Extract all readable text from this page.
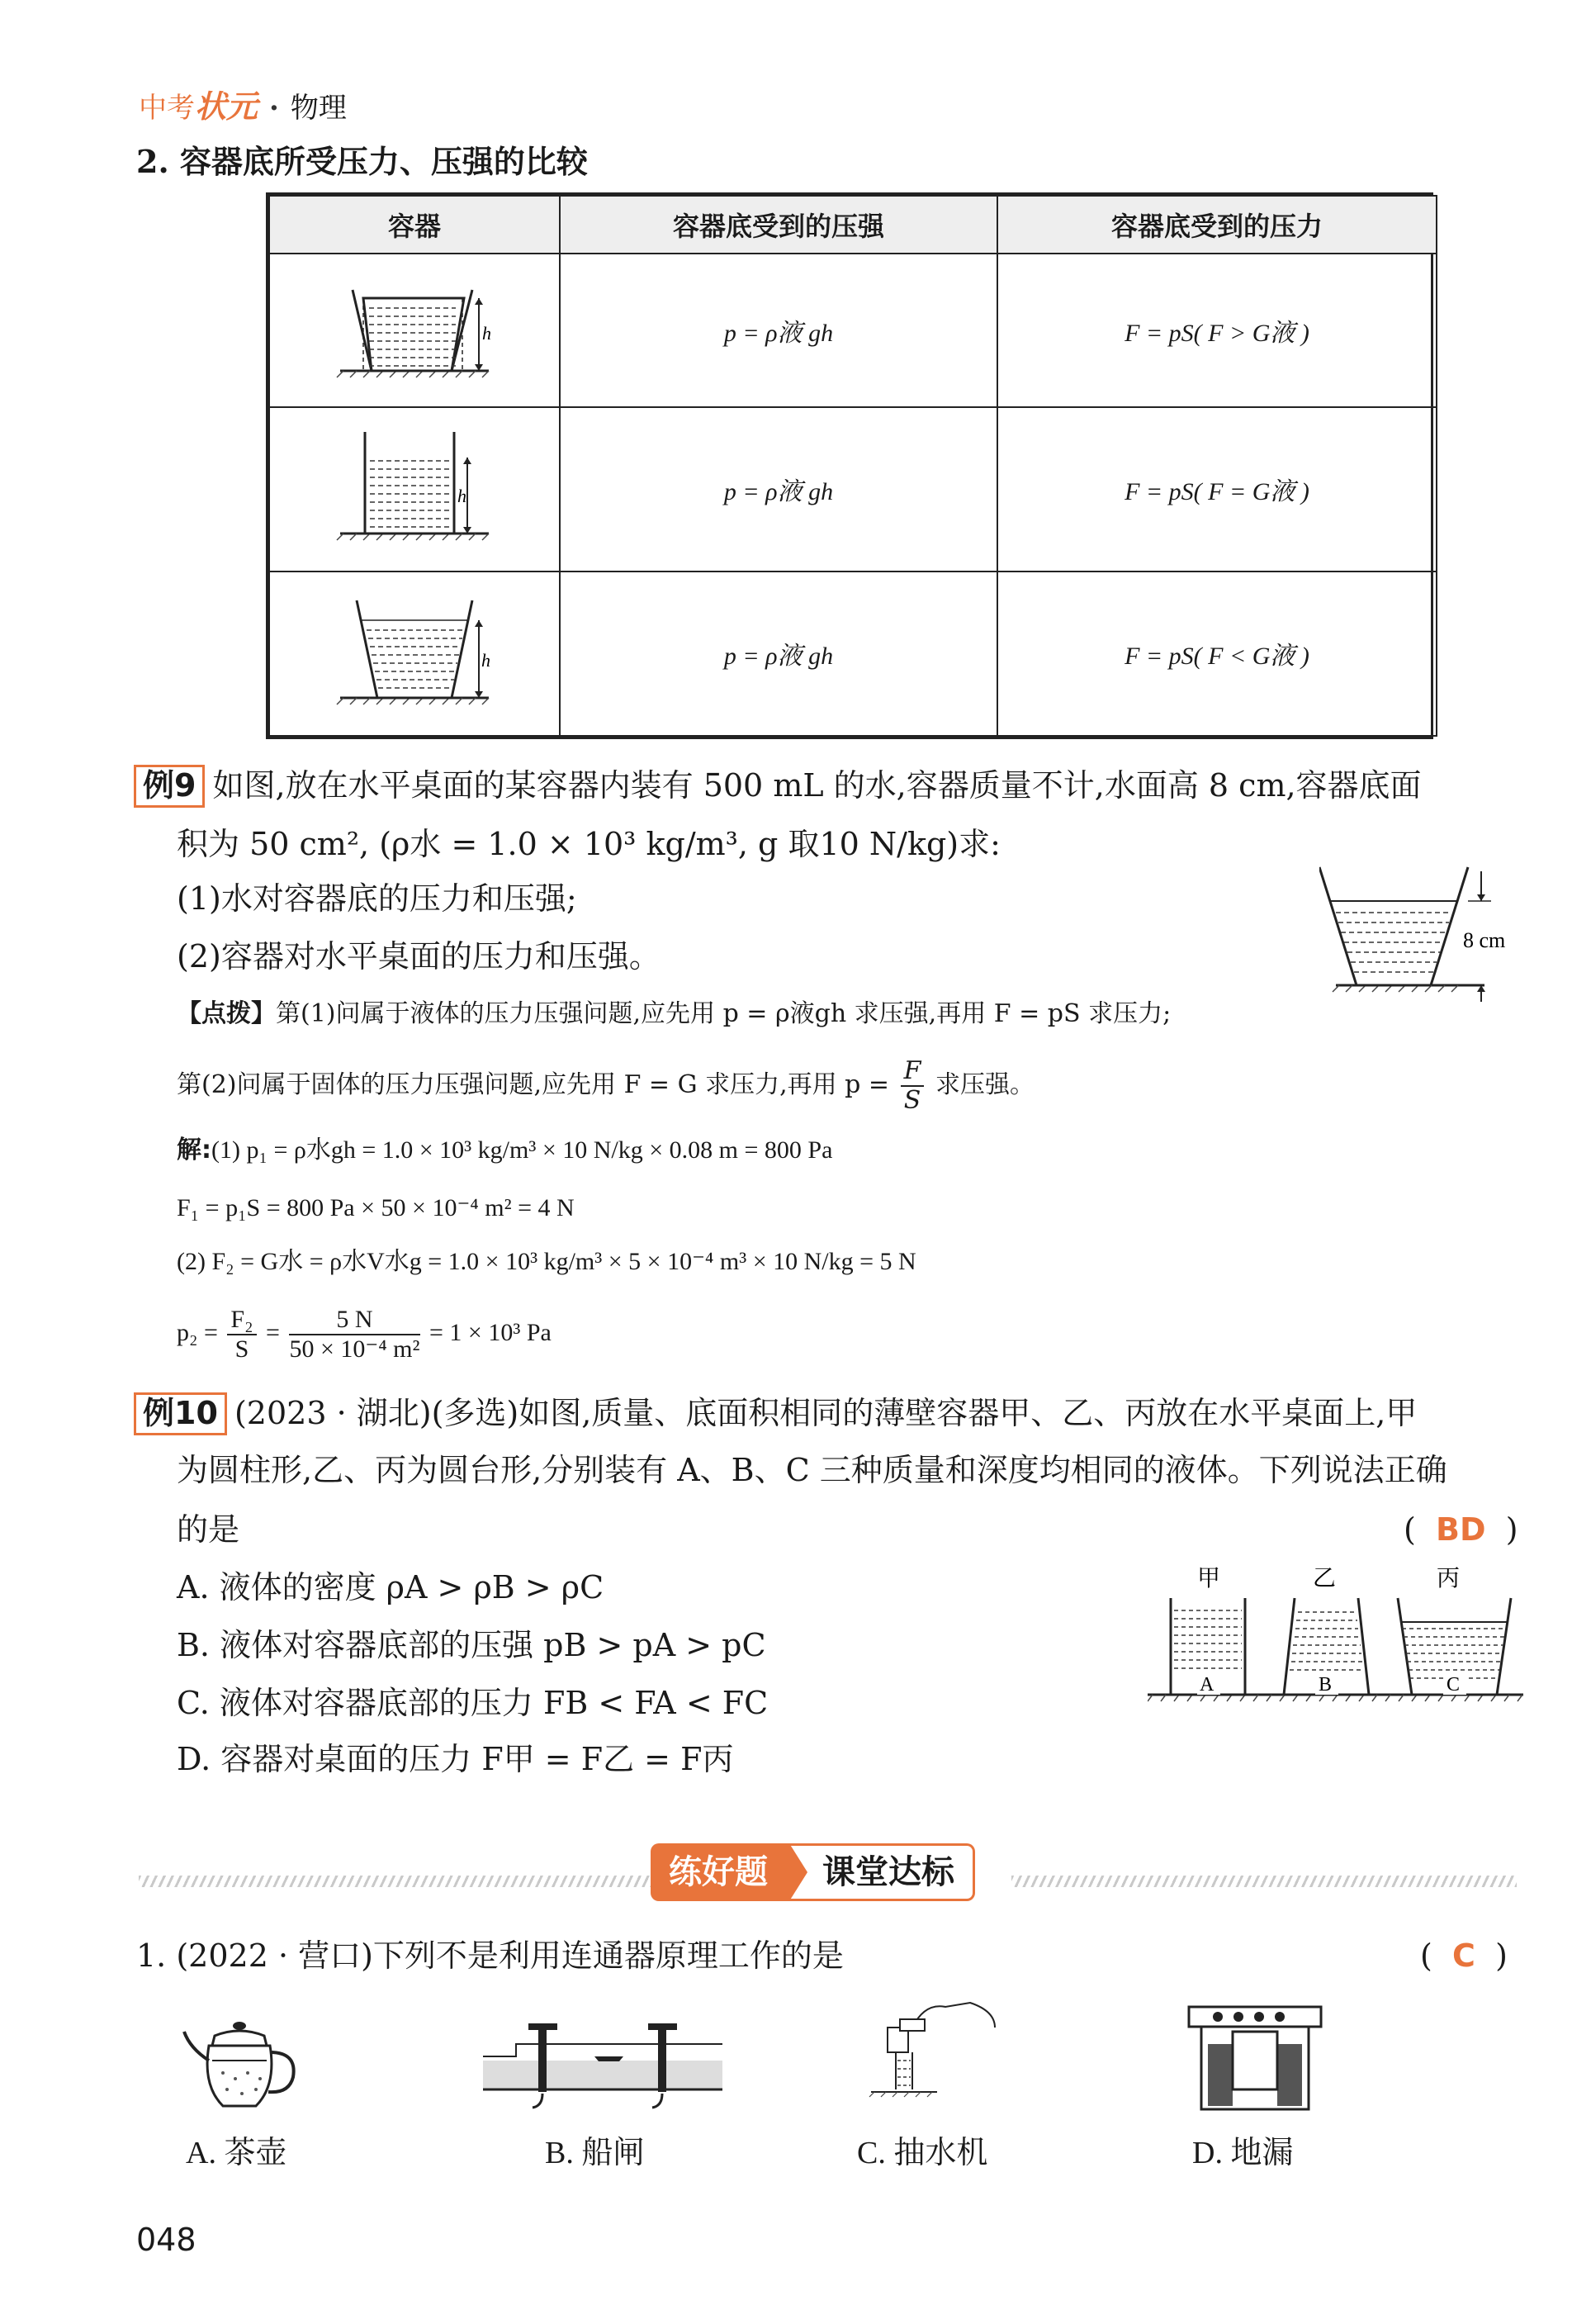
中考状元 · 物理
2. 容器底所受压力、压强的比较
容器	容器底受到的压强	容器底受到的压力

h	p = ρ液 gh	F = pS( F > G液 )

h	p = ρ液 gh	F = pS( F = G液 )

h	p = ρ液 gh	F = pS( F < G液 )
例9 如图,放在水平桌面的某容器内装有 500 mL 的水,容器质量不计,水面高 8 cm,容器底面
积为 50 cm², (ρ水 = 1.0 × 10³ kg/m³, g 取10 N/kg)求:
(1)水对容器底的压力和压强;
(2)容器对水平桌面的压力和压强。	8 cm
【点拨】第(1)问属于液体的压力压强问题,应先用 p = ρ液gh 求压强,再用 F = pS 求压力;
第(2)问属于固体的压力压强问题,应先用 F = G 求压力,再用 $p = \frac{F}{S}$ 求压强。
解:(1) p₁ = ρ水gh = 1.0 × 10³ kg/m³ × 10 N/kg × 0.08 m = 800 Pa
F₁ = p₁S = 800 Pa × 50 × 10⁻⁴ m² = 4 N
(2) F₂ = G水 = ρ水V水g = 1.0 × 10³ kg/m³ × 5 × 10⁻⁴ m³ × 10 N/kg = 5 N
$p_2 = \frac{\text{F₂}}{S} = \frac{5 N}{\text{50 × 10⁻⁴ m²}} = 1 \times 10^3$ Pa
例10 (2023 · 湖北)(多选)如图,质量、底面积相同的薄壁容器甲、乙、丙放在水平桌面上,甲
为圆柱形,乙、丙为圆台形,分别装有 A、B、C 三种质量和深度均相同的液体。下列说法正确
的是	( BD )
A. 液体的密度 ρA > ρB > ρC
B. 液体对容器底部的压强 pB > pA > pC
C. 液体对容器底部的压力 FB < FA < FC
D. 容器对桌面的压力 F甲 = F乙 = F丙
甲
A
乙
B
丙
C
练好题	课堂达标
1. (2022 · 营口)下列不是利用连通器原理工作的是	( C )
A. 茶壶	B. 船闸	C. 抽水机	D. 地漏
048
